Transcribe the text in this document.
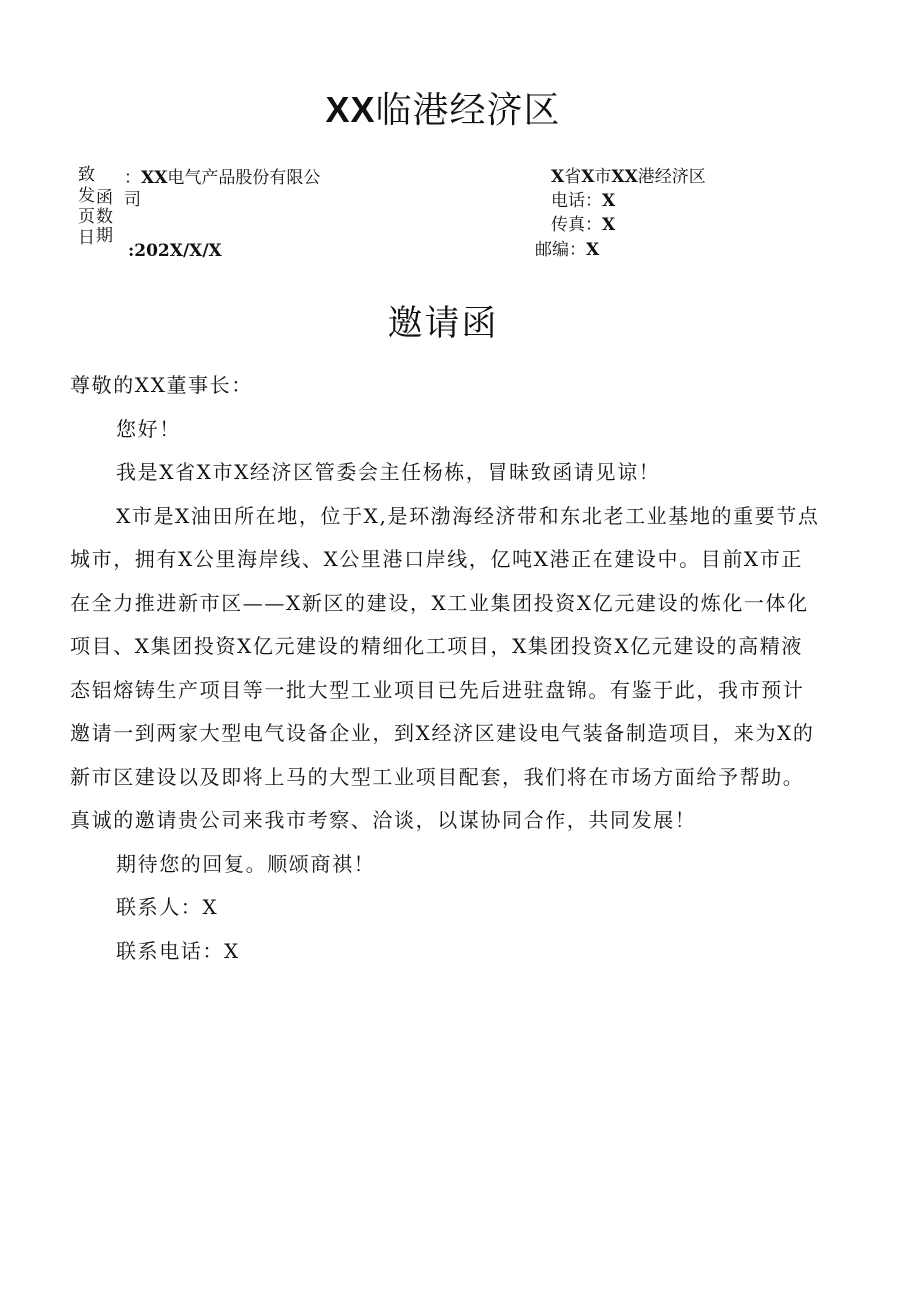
XX临港经济区
致
发
页
日
函
数
期
：XX电气产品股份有限公
司
:202X/X/X
X省X市XX港经济区
电话：X
传真：X
邮编：X
邀请函

尊敬的XX董事长：

您好！

我是X省X市X经济区管委会主任杨栋，冒昧致函请见谅！

X市是X油田所在地，位于X,是环渤海经济带和东北老工业基地的重要节点城市，拥有X公里海岸线、X公里港口岸线，亿吨X港正在建设中。目前X市正在全力推进新市区——X新区的建设，X工业集团投资X亿元建设的炼化一体化项目、X集团投资X亿元建设的精细化工项目，X集团投资X亿元建设的高精液态铝熔铸生产项目等一批大型工业项目已先后进驻盘锦。有鉴于此，我市预计邀请一到两家大型电气设备企业，到X经济区建设电气装备制造项目，来为X的新市区建设以及即将上马的大型工业项目配套，我们将在市场方面给予帮助。真诚的邀请贵公司来我市考察、洽谈，以谋协同合作，共同发展！

期待您的回复。顺颂商祺！

联系人：X

联系电话：X
